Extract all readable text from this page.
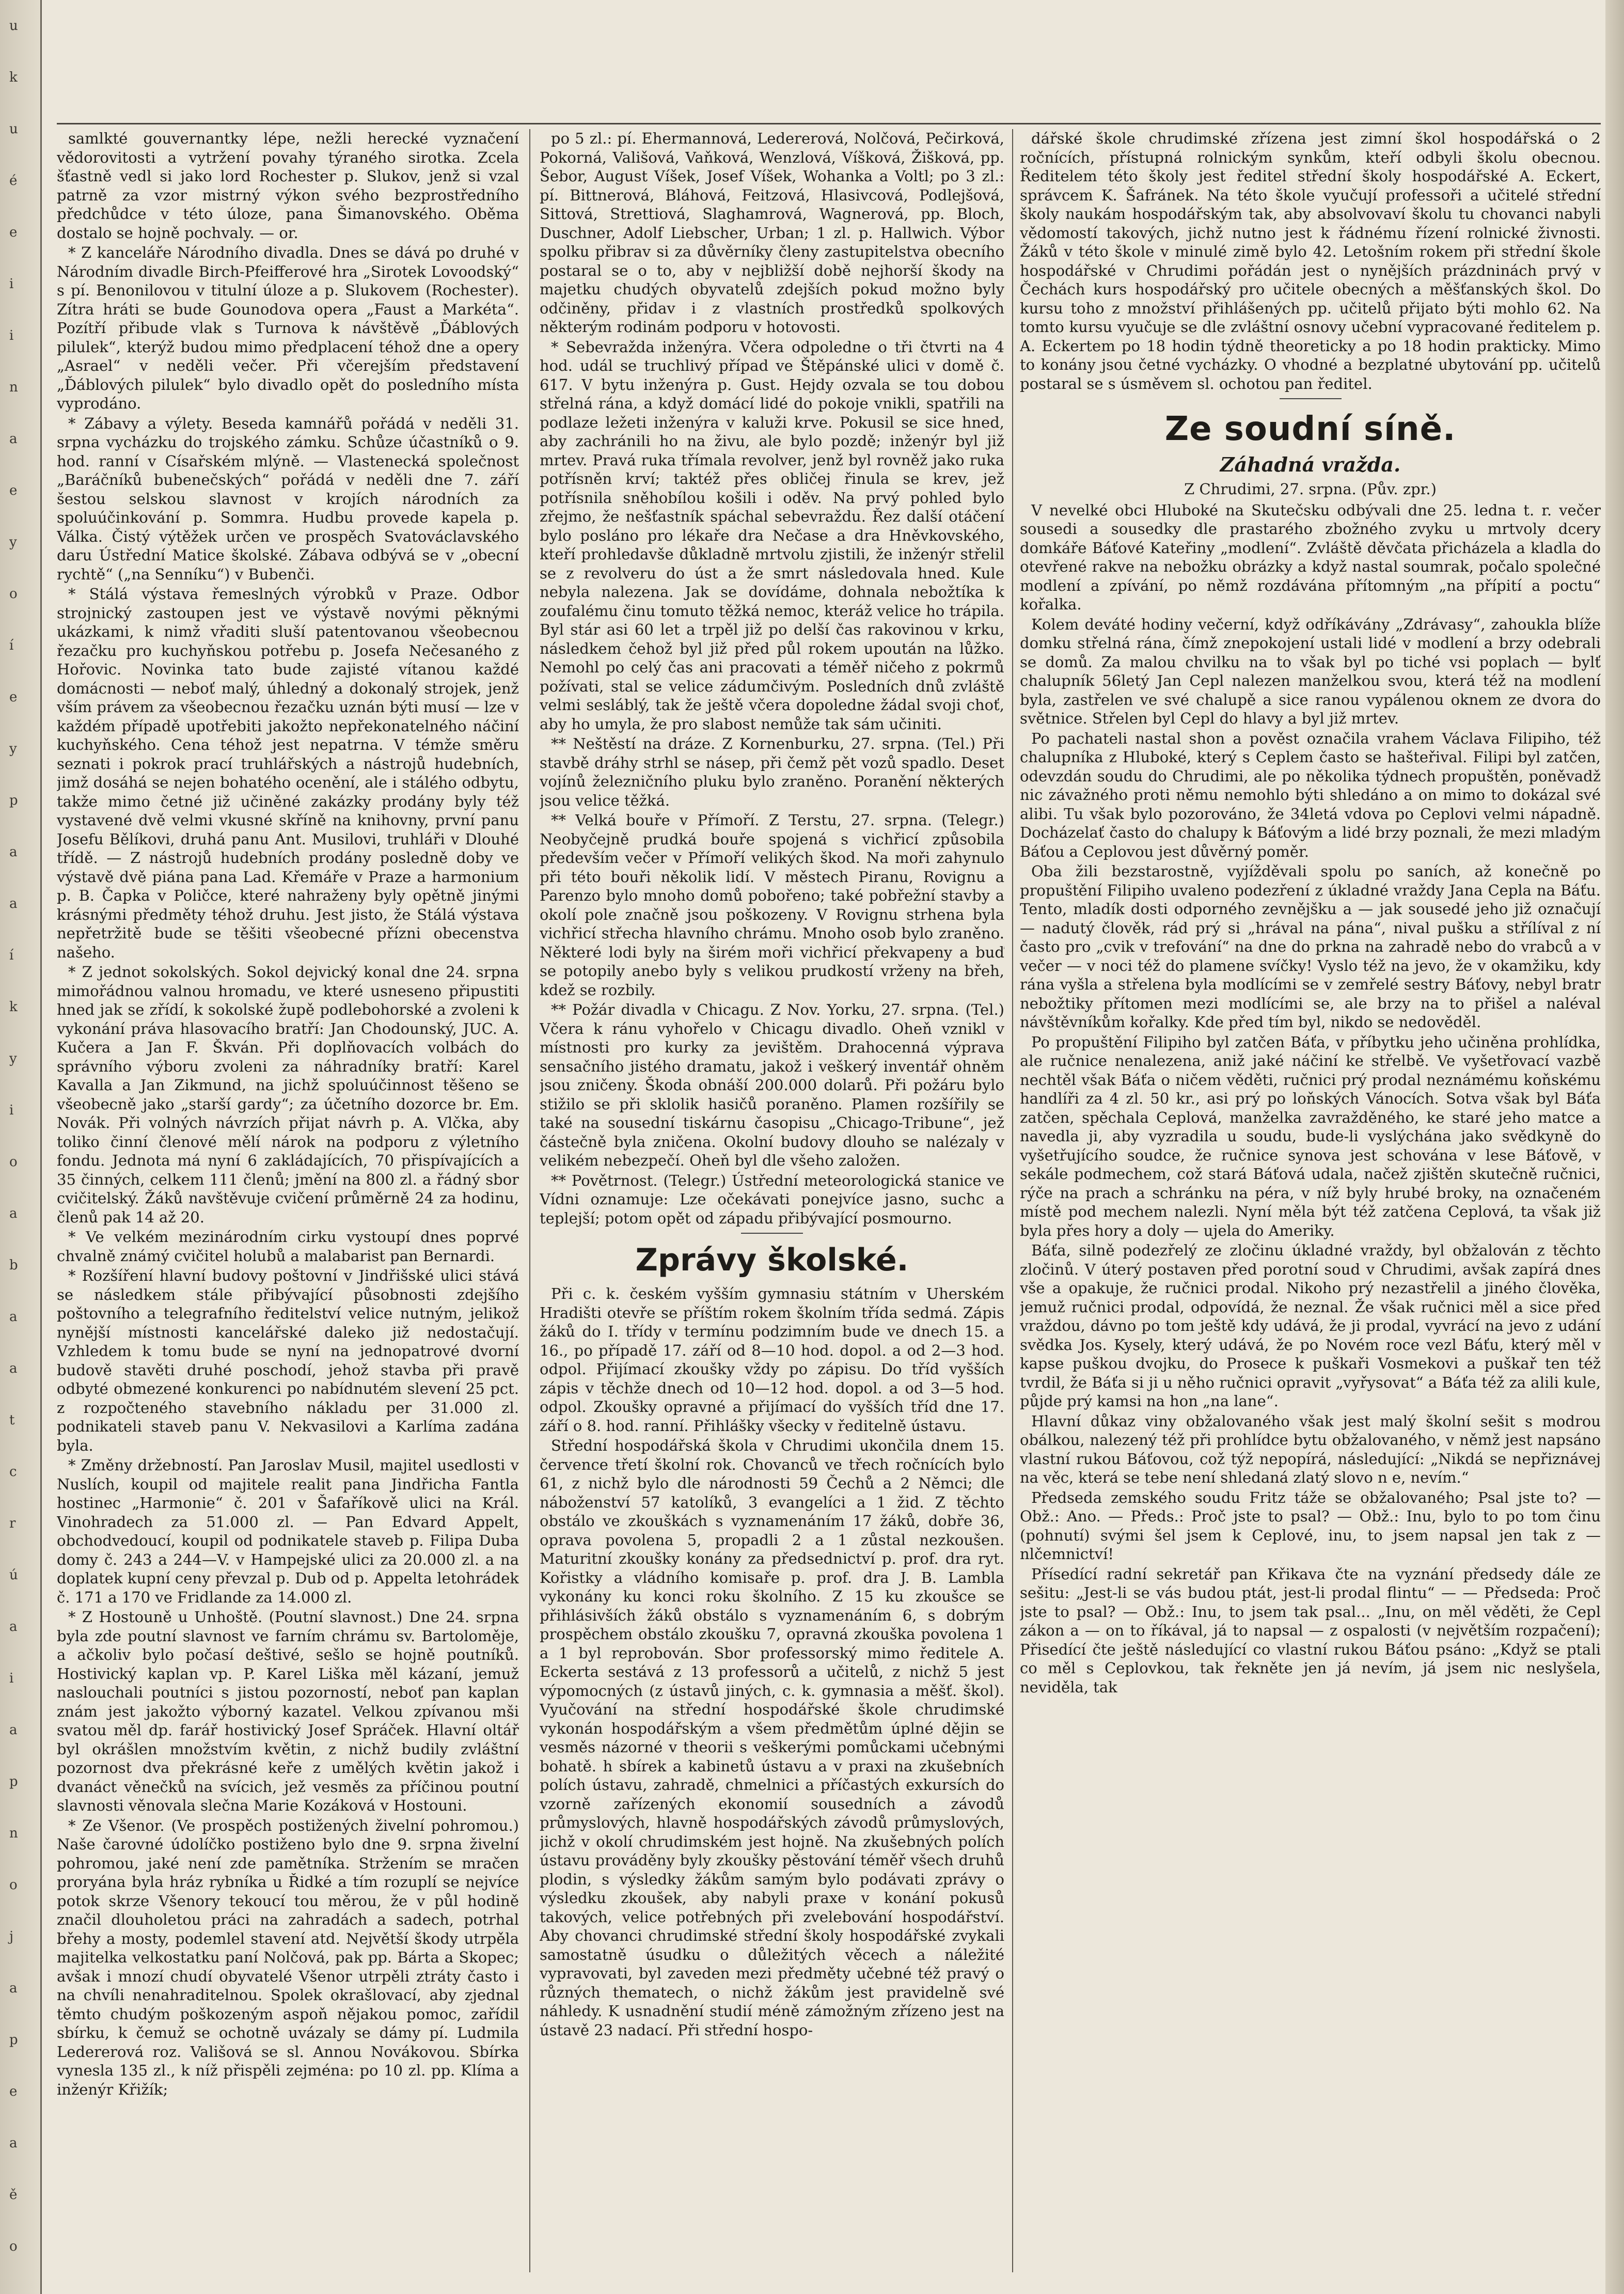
u
k
u
é
e
i
i
n
a
e
y
o
í
e
y
p
a
a
í
k
y
i
o
a
b
a
a
t
c
r
ú
a
i
a
p
n
o
j
a
p
e
a
ě
o

samlkté gouvernantky lépe, nežli herecké vyznačení vědorovitosti a vytržení povahy týraného sirotka. Zcela šťastně vedl si jako lord Rochester p. Slukov, jenž si vzal patrně za vzor mistrný výkon svého bezprostředního předchůdce v této úloze, pana Šimanovského. Oběma dostalo se hojně pochvaly. — or.

* Z kanceláře Národního divadla. Dnes se dává po druhé v Národním divadle Birch-Pfeifferové hra „Sirotek Lovoodský“ s pí. Benonilovou v titulní úloze a p. Slukovem (Rochester). Zítra hráti se bude Gounodova opera „Faust a Markéta“. Pozítří přibude vlak s Turnova k návštěvě „Ďáblových pilulek“, kterýž budou mimo předplacení téhož dne a opery „Asrael“ v neděli večer. Při včerejším představení „Ďáblových pilulek“ bylo divadlo opět do posledního místa vyprodáno.

* Zábavy a výlety. Beseda kamnářů pořádá v neděli 31. srpna vycházku do trojského zámku. Schůze účastníků o 9. hod. ranní v Císařském mlýně. — Vlastenecká společnost „Baráčníků bubenečských“ pořádá v neděli dne 7. září šestou selskou slavnost v krojích národních za spoluúčinkování p. Sommra. Hudbu provede kapela p. Válka. Čistý výtěžek určen ve prospěch Svatováclavského daru Ústřední Matice školské. Zábava odbývá se v „obecní rychtě“ („na Senníku“) v Bubenči.

* Stálá výstava řemeslných výrobků v Praze. Odbor strojnický zastoupen jest ve výstavě novými pěknými ukázkami, k nimž vřaditi sluší patentovanou všeobecnou řezačku pro kuchyňskou potřebu p. Josefa Nečesaného z Hořovic. Novinka tato bude zajisté vítanou každé domácnosti — neboť malý, úhledný a dokonalý strojek, jenž vším právem za všeobecnou řezačku uznán býti musí — lze v každém případě upotřebiti jakožto nepřekonatelného náčiní kuchyňského. Cena téhož jest nepatrna. V témže směru seznati i pokrok prací truhlářských a nástrojů hudebních, jimž dosáhá se nejen bohatého ocenění, ale i stálého odbytu, takže mimo četné již učiněné zakázky prodány byly též vystavené dvě velmi vkusné skříně na knihovny, první panu Josefu Bělíkovi, druhá panu Ant. Musilovi, truhláři v Dlouhé třídě. — Z nástrojů hudebních prodány posledně doby ve výstavě dvě piána pana Lad. Křemáře v Praze a harmonium p. B. Čapka v Poličce, které nahraženy byly opětně jinými krásnými předměty téhož druhu. Jest jisto, že Stálá výstava nepřetržitě bude se těšiti všeobecné přízni obecenstva našeho.

* Z jednot sokolských. Sokol dejvický konal dne 24. srpna mimořádnou valnou hromadu, ve které usneseno připustiti hned jak se zřídí, k sokolské župě podlebohorské a zvoleni k vykonání práva hlasovacího bratří: Jan Chodounský, JUC. A. Kučera a Jan F. Škván. Při doplňovacích volbách do správního výboru zvoleni za náhradníky bratří: Karel Kavalla a Jan Zikmund, na jichž spoluúčinnost těšeno se všeobecně jako „starší gardy“; za účetního dozorce br. Em. Novák. Při volných návrzích přijat návrh p. A. Vlčka, aby toliko činní členové mělí nárok na podporu z výletního fondu. Jednota má nyní 6 zakládajících, 70 přispívajících a 35 činných, celkem 111 členů; jmění na 800 zl. a řádný sbor cvičitelský. Žáků navštěvuje cvičení průměrně 24 za hodinu, členů pak 14 až 20.

* Ve velkém mezinárodním cirku vystoupí dnes poprvé chvalně známý cvičitel holubů a malabarist pan Bernardi.

* Rozšíření hlavní budovy poštovní v Jindřišské ulici stává se následkem stále přibývající působnosti zdejšího poštovního a telegrafního ředitelství velice nutným, jelikož nynější místnosti kancelářské daleko již nedostačují. Vzhledem k tomu bude se nyní na jednopatrové dvorní budově stavěti druhé poschodí, jehož stavba při pravě odbyté obmezené konkurenci po nabídnutém slevení 25 pct. z rozpočteného stavebního nákladu per 31.000 zl. podnikateli staveb panu V. Nekvasilovi a Karlíma zadána byla.

* Změny držebností. Pan Jaroslav Musil, majitel usedlosti v Nuslích, koupil od majitele realit pana Jindřicha Fantla hostinec „Harmonie“ č. 201 v Šafaříkově ulici na Král. Vinohradech za 51.000 zl. — Pan Edvard Appelt, obchodvedoucí, koupil od podnikatele staveb p. Filipa Duba domy č. 243 a 244—V. v Hampejské ulici za 20.000 zl. a na doplatek kupní ceny převzal p. Dub od p. Appelta letohrádek č. 171 a 170 ve Fridlande za 14.000 zl.

* Z Hostouně u Unhoště. (Poutní slavnost.) Dne 24. srpna byla zde poutní slavnost ve farním chrámu sv. Bartoloměje, a ačkoliv bylo počasí deštivé, sešlo se hojně poutníků. Hostivický kaplan vp. P. Karel Liška měl kázaní, jemuž naslouchali poutníci s jistou pozorností, neboť pan kaplan znám jest jakožto výborný kazatel. Velkou zpívanou mši svatou měl dp. farář hostivický Josef Spráček. Hlavní oltář byl okrášlen množstvím květin, z nichž budily zvláštní pozornost dva překrásné keře z umělých květin jakož i dvanáct věnečků na svícich, jež vesměs za příčinou poutní slavnosti věnovala slečna Marie Kozáková v Hostouni.

* Ze Všenor. (Ve prospěch postižených živelní pohromou.) Naše čarovné údolíčko postiženo bylo dne 9. srpna živelní pohromou, jaké není zde pamětníka. Stržením se mračen proryána byla hráz rybníka u Řidké a tím rozuplí se nejvíce potok skrze Všenory tekoucí tou měrou, že v půl hodině značil dlouholetou práci na zahradách a sadech, potrhal břehy a mosty, podemlel stavení atd. Největší škody utrpěla majitelka velkostatku paní Nolčová, pak pp. Bárta a Skopec; avšak i mnozí chudí obyvatelé Všenor utrpěli ztráty často i na chvíli nenahraditelnou. Spolek okrašlovací, aby zjednal těmto chudým poškozeným aspoň nějakou pomoc, zařídil sbírku, k čemuž se ochotně uvázaly se dámy pí. Ludmila Ledererová roz. Vališová se sl. Annou Novákovou. Sbírka vynesla 135 zl., k níž přispěli zejména: po 10 zl. pp. Klíma a inženýr Křižík;

po 5 zl.: pí. Ehermannová, Ledererová, Nolčová, Pečirková, Pokorná, Vališová, Vaňková, Wenzlová, Víšková, Žišková, pp. Šebor, August Víšek, Josef Víšek, Wohanka a Voltl; po 3 zl.: pí. Bittnerová, Bláhová, Feitzová, Hlasivcová, Podlejšová, Sittová, Strettiová, Slaghamrová, Wagnerová, pp. Bloch, Duschner, Adolf Liebscher, Urban; 1 zl. p. Hallwich. Výbor spolku přibrav si za důvěrníky členy zastupitelstva obecního postaral se o to, aby v nejbližší době nejhorší škody na majetku chudých obyvatelů zdejších pokud možno byly odčiněny, přidav i z vlastních prostředků spolkových některým rodinám podporu v hotovosti.

* Sebevražda inženýra. Včera odpoledne o tři čtvrti na 4 hod. udál se truchlivý případ ve Štěpánské ulici v domě č. 617. V bytu inženýra p. Gust. Hejdy ozvala se tou dobou střelná rána, a když domácí lidé do pokoje vnikli, spatřili na podlaze ležeti inženýra v kaluži krve. Pokusil se sice hned, aby zachránili ho na živu, ale bylo pozdě; inženýr byl již mrtev. Pravá ruka třímala revolver, jenž byl rovněž jako ruka potřísněn krví; taktéž přes obličej řinula se krev, jež potřísnila sněhobílou košili i oděv. Na prvý pohled bylo zřejmo, že nešťastník spáchal sebevraždu. Řez další otáčení bylo posláno pro lékaře dra Nečase a dra Hněvkovského, kteří prohledavše důkladně mrtvolu zjistili, že inženýr střelil se z revolveru do úst a že smrt následovala hned. Kule nebyla nalezena. Jak se dovídáme, dohnala nebožtíka k zoufalému činu tomuto těžká nemoc, kteráž velice ho trápila. Byl stár asi 60 let a trpěl již po delší čas rakovinou v krku, následkem čehož byl již před půl rokem upoután na lůžko. Nemohl po celý čas ani pracovati a téměř ničeho z pokrmů požívati, stal se velice zádumčivým. Posledních dnů zvláště velmi sesláblý, tak že ještě včera dopoledne žádal svoji choť, aby ho umyla, že pro slabost nemůže tak sám učiniti.

** Neštěstí na dráze. Z Kornenburku, 27. srpna. (Tel.) Při stavbě dráhy strhl se násep, při čemž pět vozů spadlo. Deset vojínů železničního pluku bylo zraněno. Poranění některých jsou velice těžká.

** Velká bouře v Přímoří. Z Terstu, 27. srpna. (Telegr.) Neobyčejně prudká bouře spojená s vichřicí způsobila především večer v Přímoří velikých škod. Na moři zahynulo při této bouři několik lidí. V městech Piranu, Rovignu a Parenzo bylo mnoho domů pobořeno; také pobřežní stavby a okolí pole značně jsou poškozeny. V Rovignu strhena byla vichřicí střecha hlavního chrámu. Mnoho osob bylo zraněno. Některé lodi byly na širém moři vichřicí překvapeny a buď se potopily anebo byly s velikou prudkostí vrženy na břeh, kdež se rozbily.

** Požár divadla v Chicagu. Z Nov. Yorku, 27. srpna. (Tel.) Včera k ránu vyhořelo v Chicagu divadlo. Oheň vznikl v místnosti pro kurky za jevištěm. Drahocenná výprava sensačního jistého dramatu, jakož i veškerý inventář ohněm jsou zničeny. Škoda obnáší 200.000 dolarů. Při požáru bylo stižilo se při sklolik hasičů poraněno. Plamen rozšířily se také na sousední tiskárnu časopisu „Chicago-Tribune“, jež částečně byla zničena. Okolní budovy dlouho se nalézaly v velikém nebezpečí. Oheň byl dle všeho založen.

** Povětrnost. (Telegr.) Ústřední meteorologická stanice ve Vídni oznamuje: Lze očekávati ponejvíce jasno, suchc a teplejší; potom opět od západu přibývající posmourno.

Zprávy školské.

Při c. k. českém vyšším gymnasiu státním v Uherském Hradišti otevře se příštím rokem školním třída sedmá. Zápis žáků do I. třídy v termínu podzimním bude ve dnech 15. a 16., po případě 17. září od 8—10 hod. dopol. a od 2—3 hod. odpol. Přijímací zkoušky vždy po zápisu. Do tříd vyšších zápis v těchže dnech od 10—12 hod. dopol. a od 3—5 hod. odpol. Zkoušky opravné a přijímací do vyšších tříd dne 17. září o 8. hod. ranní. Přihlášky všecky v ředitelně ústavu.

Střední hospodářská škola v Chrudimi ukončila dnem 15. července třetí školní rok. Chovanců ve třech ročnících bylo 61, z nichž bylo dle národnosti 59 Čechů a 2 Němci; dle náboženství 57 katolíků, 3 evangelíci a 1 žid. Z těchto obstálo ve zkouškách s vyznamenáním 17 žáků, dobře 36, oprava povolena 5, propadli 2 a 1 zůstal nezkoušen. Maturitní zkoušky konány za předsednictví p. prof. dra ryt. Kořistky a vládního komisaře p. prof. dra J. B. Lambla vykonány ku konci roku školního. Z 15 ku zkoušce se přihlásivších žáků obstálo s vyznamenáním 6, s dobrým prospěchem obstálo zkoušku 7, opravná zkouška povolena 1 a 1 byl reprobován. Sbor professorský mimo ředitele A. Eckerta sestává z 13 professorů a učitelů, z nichž 5 jest výpomocných (z ústavů jiných, c. k. gymnasia a měšť. škol). Vyučování na střední hospodářské škole chrudimské vykonán hospodářským a všem předmětům úplné dějin se vesměs názorné v theorii s veškerými pomůckami učebnými bohatě. h sbírek a kabinetů ústavu a v praxi na zkušebních polích ústavu, zahradě, chmelnici a příčastých exkursích do vzorně zařízených ekonomií sousedních a závodů průmyslových, hlavně hospodářských závodů průmyslových, jichž v okolí chrudimském jest hojně. Na zkušebných polích ústavu prováděny byly zkoušky pěstování téměř všech druhů plodin, s výsledky žákům samým bylo podávati zprávy o výsledku zkoušek, aby nabyli praxe v konání pokusů takových, velice potřebných při zvelebování hospodářství. Aby chovanci chrudimské střední školy hospodářské zvykali samostatně úsudku o důležitých věcech a náležité vypravovati, byl zaveden mezi předměty učebné též pravý o různých thematech, o nichž žákům jest pravidelně své náhledy. K usnadnění studií méně zámožným zřízeno jest na ústavě 23 nadací. Při střední hospo-

dářské škole chrudimské zřízena jest zimní škol hospodářská o 2 ročnících, přístupná rolnickým synkům, kteří odbyli školu obecnou. Ředitelem této školy jest ředitel střední školy hospodářské A. Eckert, správcem K. Šafránek. Na této škole vyučují professoři a učitelé střední školy naukám hospodářským tak, aby absolvovaví školu tu chovanci nabyli vědomostí takových, jichž nutno jest k řádnému řízení rolnické živnosti. Žáků v této škole v minulé zimě bylo 42. Letošním rokem při střední škole hospodářské v Chrudimi pořádán jest o nynějších prázdninách prvý v Čechách kurs hospodářský pro učitele obecných a měšťanských škol. Do kursu toho z množství přihlášených pp. učitelů přijato býti mohlo 62. Na tomto kursu vyučuje se dle zvláštní osnovy učební vypracované ředitelem p. A. Eckertem po 18 hodin týdně theoreticky a po 18 hodin prakticky. Mimo to konány jsou četné vycházky. O vhodné a bezplatné ubytování pp. učitelů postaral se s úsměvem sl. ochotou pan ředitel.

Ze soudní síně.
Záhadná vražda.
Z Chrudimi, 27. srpna. (Pův. zpr.)

V nevelké obci Hluboké na Skutečsku odbývali dne 25. ledna t. r. večer sousedi a sousedky dle prastarého zbožného zvyku u mrtvoly dcery domkáře Báťové Kateřiny „modlení“. Zvláště děvčata přicházela a kladla do otevřené rakve na nebožku obrázky a když nastal soumrak, počalo společné modlení a zpívání, po němž rozdávána přítomným „na přípití a poctu“ kořalka.

Kolem deváté hodiny večerní, když odříkávány „Zdrávasy“, zahoukla blíže domku střelná rána, čímž znepokojení ustali lidé v modlení a brzy odebrali se domů. Za malou chvilku na to však byl po tiché vsi poplach — bylť chalupník 56letý Jan Cepl nalezen manželkou svou, která též na modlení byla, zastřelen ve své chalupě a sice ranou vypálenou oknem ze dvora do světnice. Střelen byl Cepl do hlavy a byl již mrtev.

Po pachateli nastal shon a pověst označila vrahem Václava Filipiho, též chalupníka z Hluboké, který s Ceplem často se hašteřival. Filipi byl zatčen, odevzdán soudu do Chrudimi, ale po několika týdnech propuštěn, poněvadž nic závažného proti němu nemohlo býti shledáno a on mimo to dokázal své alibi. Tu však bylo pozorováno, že 34letá vdova po Ceplovi velmi nápadně. Docházelať často do chalupy k Báťovým a lidé brzy poznali, že mezi mladým Báťou a Ceplovou jest důvěrný poměr.

Oba žili bezstarostně, vyjížděvali spolu po saních, až konečně po propuštění Filipiho uvaleno podezření z úkladné vraždy Jana Cepla na Báťu. Tento, mladík dosti odporného zevnějšku a — jak sousedé jeho již označují — nadutý člověk, rád prý si „hrával na pána“, nival pušku a střílíval z ní často pro „cvik v trefování“ na dne do prkna na zahradě nebo do vrabců a v večer — v noci též do plamene svíčky! Vyslo též na jevo, že v okamžiku, kdy rána vyšla a střelena byla modlícími se v zemřelé sestry Báťovy, nebyl bratr nebožtiky přítomen mezi modlícími se, ale brzy na to přišel a naléval návštěvníkům kořalky. Kde před tím byl, nikdo se nedověděl.

Po propuštění Filipiho byl zatčen Báťa, v příbytku jeho učiněna prohlídka, ale ručnice nenalezena, aniž jaké náčiní ke střelbě. Ve vyšetřovací vazbě nechtěl však Báťa o ničem věděti, ručnici prý prodal neznámému koňskému handlíři za 4 zl. 50 kr., asi prý po loňských Vánocích. Sotva však byl Báťa zatčen, spěchala Ceplová, manželka zavražděného, ke staré jeho matce a navedla ji, aby vyzradila u soudu, bude-li vyslýchána jako svědkyně do vyšetřujícího soudce, že ručnice synova jest schována v lese Báťově, v sekále podmechem, což stará Báťová udala, načež zjištěn skutečně ručnici, rýče na prach a schránku na péra, v níž byly hrubé broky, na označeném místě pod mechem nalezli. Nyní měla být též zatčena Ceplová, ta však již byla přes hory a doly — ujela do Ameriky.

Báťa, silně podezřelý ze zločinu úkladné vraždy, byl obžalován z těchto zločinů. V úterý postaven před porotní soud v Chrudimi, avšak zapírá dnes vše a opakuje, že ručnici prodal. Nikoho prý nezastřelil a jiného člověka, jemuž ručnici prodal, odpovídá, že neznal. Že však ručnici měl a sice před vraždou, dávno po tom ještě kdy udává, že ji prodal, vyvrácí na jevo z udání svědka Jos. Kysely, který udává, že po Novém roce vezl Báťu, který měl v kapse puškou dvojku, do Prosece k puškaři Vosmekovi a puškař ten též tvrdil, že Báťa si ji u něho ručnici opravit „vyřysovat“ a Báťa též za alili kule, půjde prý kamsi na hon „na lane“.

Hlavní důkaz viny obžalovaného však jest malý školní sešit s modrou obálkou, nalezený též při prohlídce bytu obžalovaného, v němž jest napsáno vlastní rukou Báťovou, což týž nepopírá, následující: „Nikdá se nepřiznávej na věc, která se tebe není shledaná zlatý slovo n e, nevím.“

Předseda zemského soudu Fritz táže se obžalovaného; Psal jste to? — Obž.: Ano. — Předs.: Proč jste to psal? — Obž.: Inu, bylo to po tom činu (pohnutí) svými šel jsem k Ceplové, inu, to jsem napsal jen tak z — nlčemnictví!

Přísedící radní sekretář pan Křikava čte na vyznání předsedy dále ze sešitu: „Jest-li se vás budou ptát, jest-li prodal flintu“ — — Předseda: Proč jste to psal? — Obž.: Inu, to jsem tak psal... „Inu, on měl věděti, že Cepl zákon a — on to říkával, já to napsal — z ospalosti (v největším rozpačení); Přisedící čte ještě následující co vlastní rukou Báťou psáno: „Když se ptali co měl s Ceplovkou, tak řekněte jen já nevím, já jsem nic neslyšela, neviděla, tak
